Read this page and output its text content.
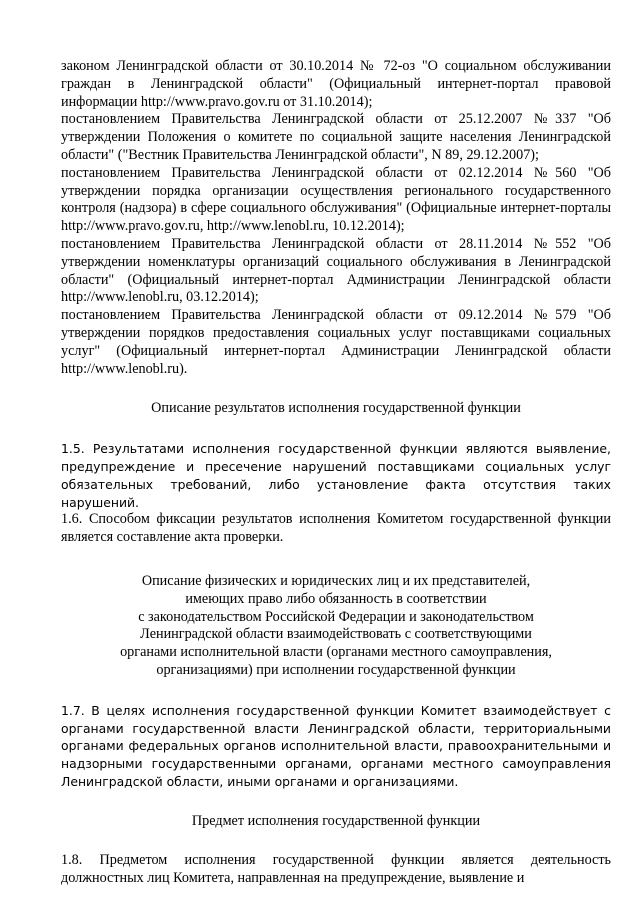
законом Ленинградской области от 30.10.2014 № 72-оз "О социальном обслуживании граждан в Ленинградской области" (Официальный интернет-портал правовой информации http://www.pravo.gov.ru от 31.10.2014);

постановлением Правительства Ленинградской области от 25.12.2007 №337 "Об утверждении Положения о комитете по социальной защите населения Ленинградской области" ("Вестник Правительства Ленинградской области", N 89, 29.12.2007);

постановлением Правительства Ленинградской области от 02.12.2014 №560 "Об утверждении порядка организации осуществления регионального государственного контроля (надзора) в сфере социального обслуживания" (Официальные интернет-порталы http://www.pravo.gov.ru, http://www.lenobl.ru, 10.12.2014);

постановлением Правительства Ленинградской области от 28.11.2014 №552 "Об утверждении номенклатуры организаций социального обслуживания в Ленинградской области" (Официальный интернет-портал Администрации Ленинградской области http://www.lenobl.ru, 03.12.2014);

постановлением Правительства Ленинградской области от 09.12.2014 №579 "Об утверждении порядков предоставления социальных услуг поставщиками социальных услуг" (Официальный интернет-портал Администрации Ленинградской области http://www.lenobl.ru).

Описание результатов исполнения государственной функции

1.5. Результатами исполнения государственной функции являются выявление, предупреждение и пресечение нарушений поставщиками социальных услуг обязательных требований, либо установление факта отсутствия таких нарушений.

1.6. Способом фиксации результатов исполнения Комитетом государственной функции является составление акта проверки.

Описание физических и юридических лиц и их представителей,

имеющих право либо обязанность в соответствии

с законодательством Российской Федерации и законодательством

Ленинградской области взаимодействовать с соответствующими

органами исполнительной власти (органами местного самоуправления,

организациями) при исполнении государственной функции

1.7. В целях исполнения государственной функции Комитет взаимодействует с органами государственной власти Ленинградской области, территориальными органами федеральных органов исполнительной власти, правоохранительными и надзорными государственными органами, органами местного самоуправления Ленинградской области, иными органами и организациями.

Предмет исполнения государственной функции

1.8. Предметом исполнения государственной функции является деятельность должностных лиц Комитета, направленная на предупреждение, выявление и
